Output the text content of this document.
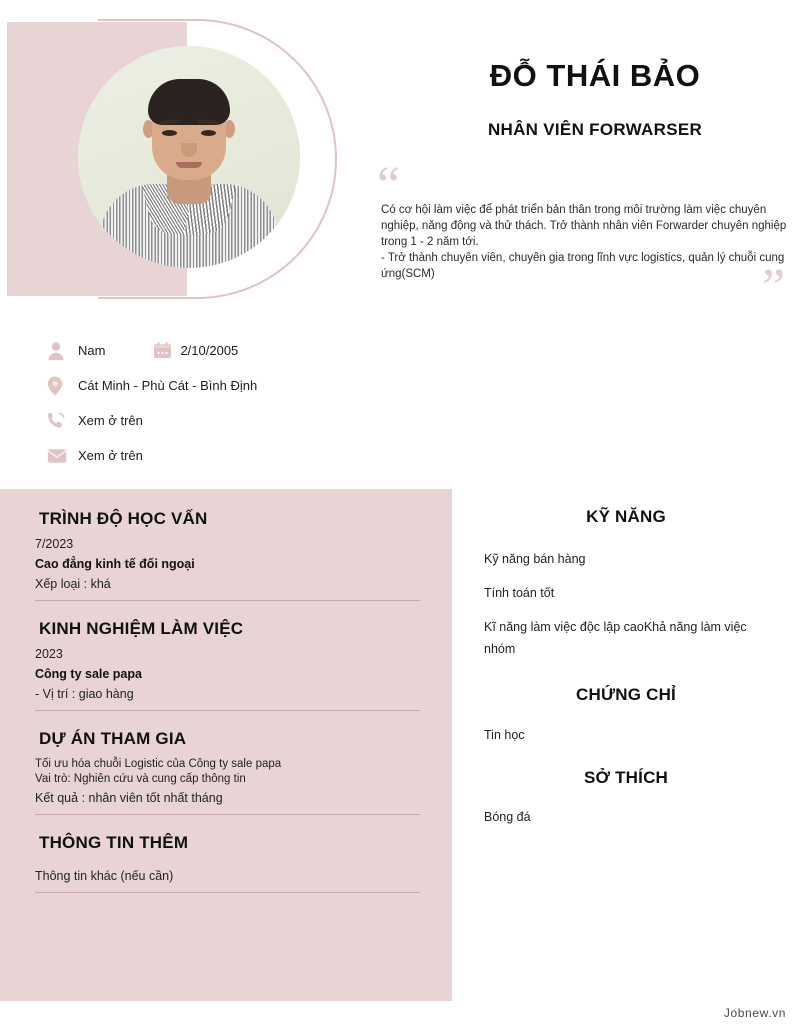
ĐỖ THÁI BẢO
NHÂN VIÊN FORWARSER
“
”

Có cơ hội làm việc để phát triển bản thân trong môi trường làm việc chuyên nghiệp, năng động và thử thách. Trở thành nhân viên Forwarder chuyên nghiệp trong 1 - 2 năm tới.

- Trở thành chuyên viên, chuyên gia trong lĩnh vực logistics, quản lý chuỗi cung ứng(SCM)

Nam	2/10/2005
Cát Minh - Phù Cát - Bình Định
Xem ở trên
Xem ở trên
TRÌNH ĐỘ HỌC VẤN
7/2023
Cao đẳng kinh tế đối ngoại
Xếp loại : khá
KINH NGHIỆM LÀM VIỆC
2023
Công ty sale papa
- Vị trí : giao hàng
DỰ ÁN THAM GIA
Tối ưu hóa chuỗi Logistic của Công ty sale papa
Vai trò: Nghiên cứu và cung cấp thông tin
Kết quả : nhân viên tốt nhất tháng
THÔNG TIN THÊM
Thông tin khác (nếu cần)
KỸ NĂNG
Kỹ năng bán hàng
Tính toán tốt
Kĩ năng làm việc độc lập caoKhả năng làm việc nhóm
CHỨNG CHỈ
Tin học
SỞ THÍCH
Bóng đá
Jobnew.vn
